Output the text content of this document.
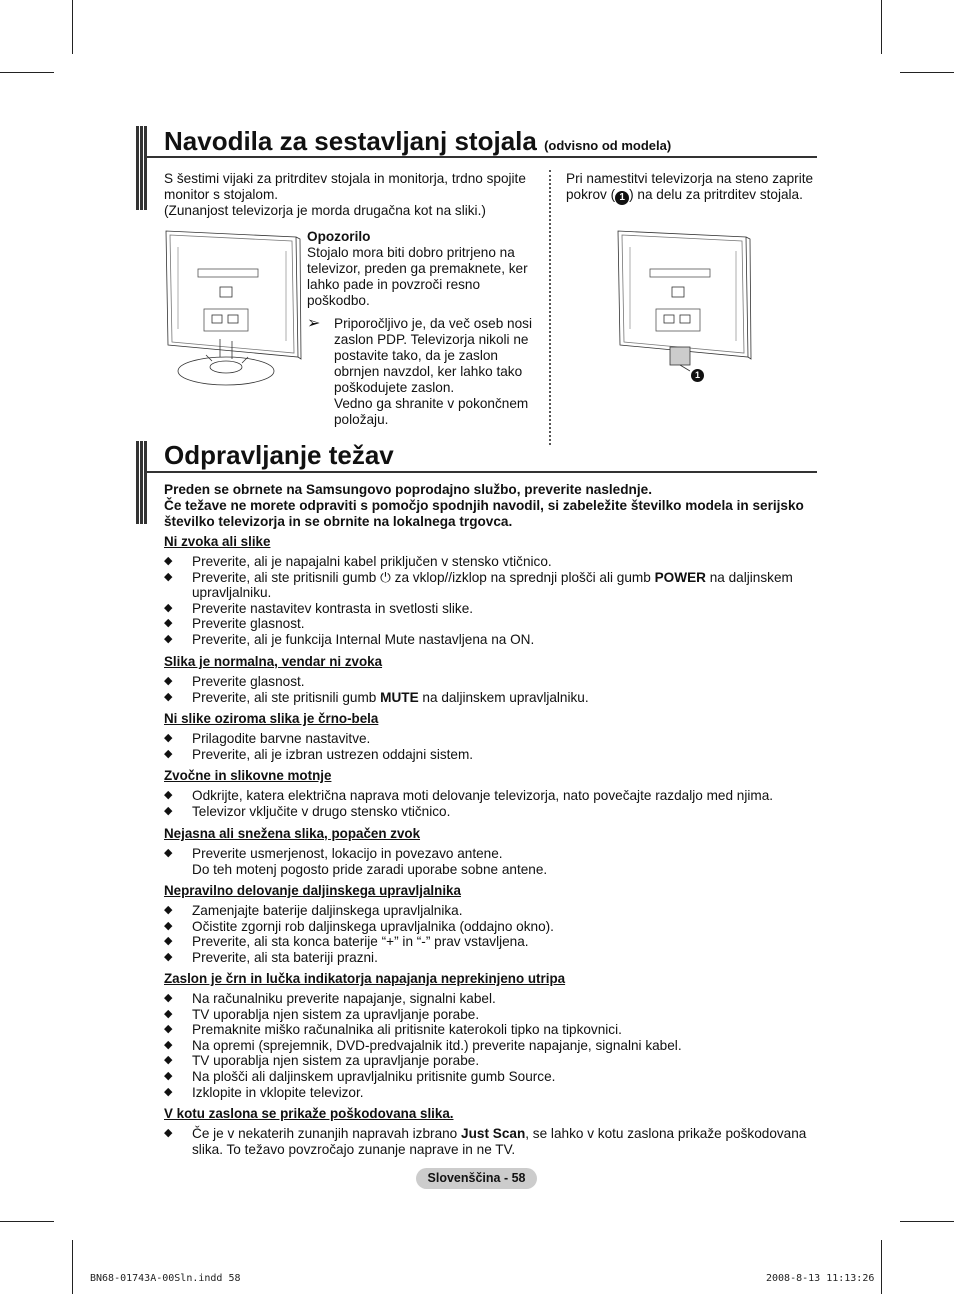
Navodila za sestavljanj stojala (odvisno od modela)

S šestimi vijaki za pritrditev stojala in monitorja, trdno spojite monitor s stojalom.

(Zunanjost televizorja je morda drugačna kot na sliki.)

Opozorilo

Stojalo mora biti dobro pritrjeno na televizor, preden ga premaknete, ker lahko pade in povzroči resno poškodbo.

➢ Priporočljivo je, da več oseb nosi zaslon PDP. Televizorja nikoli ne postavite tako, da je zaslon obrnjen navzdol, ker lahko tako poškodujete zaslon.

Vedno ga shranite v pokončnem položaju.

Pri namestitvi televizorja na steno zaprite pokrov ( 1 ) na delu za pritrditev stojala.
1
Odpravljanje težav

Preden se obrnete na Samsungovo poprodajno službo, preverite naslednje.

Če težave ne morete odpraviti s pomočjo spodnjih navodil, si zabeležite številko modela in serijsko številko televizorja in se obrnite na lokalnega trgovca.

Ni zvoka ali slike

◆ Preverite, ali je napajalni kabel priključen v stensko vtičnico.
◆ Preverite, ali ste pritisnili gumb ⏻ za vklop//izklop na sprednji plošči ali gumb POWER na daljinskem upravljalniku.
◆ Preverite nastavitev kontrasta in svetlosti slike.
◆ Preverite glasnost.
◆ Preverite, ali je funkcija Internal Mute nastavljena na ON.

Slika je normalna, vendar ni zvoka

◆ Preverite glasnost.
◆ Preverite, ali ste pritisnili gumb MUTE na daljinskem upravljalniku.

Ni slike oziroma slika je črno-bela

◆ Prilagodite barvne nastavitve.
◆ Preverite, ali je izbran ustrezen oddajni sistem.

Zvočne in slikovne motnje

◆ Odkrijte, katera električna naprava moti delovanje televizorja, nato povečajte razdaljo med njima.
◆ Televizor vključite v drugo stensko vtičnico.

Nejasna ali snežena slika, popačen zvok

◆ Preverite usmerjenost, lokacijo in povezavo antene.
Do teh motenj pogosto pride zaradi uporabe sobne antene.

Nepravilno delovanje daljinskega upravljalnika

◆ Zamenjajte baterije daljinskega upravljalnika.
◆ Očistite zgornji rob daljinskega upravljalnika (oddajno okno).
◆ Preverite, ali sta konca baterije “+” in “-” prav vstavljena.
◆ Preverite, ali sta bateriji prazni.

Zaslon je črn in lučka indikatorja napajanja neprekinjeno utripa

◆ Na računalniku preverite napajanje, signalni kabel.
◆ TV uporablja njen sistem za upravljanje porabe.
◆ Premaknite miško računalnika ali pritisnite katerokoli tipko na tipkovnici.
◆ Na opremi (sprejemnik, DVD-predvajalnik itd.) preverite napajanje, signalni kabel.
◆ TV uporablja njen sistem za upravljanje porabe.
◆ Na plošči ali daljinskem upravljalniku pritisnite gumb Source.
◆ Izklopite in vklopite televizor.

V kotu zaslona se prikaže poškodovana slika.

◆ Če je v nekaterih zunanjih napravah izbrano Just Scan, se lahko v kotu zaslona prikaže poškodovana slika. To težavo povzročajo zunanje naprave in ne TV.
Slovenščina - 58
BN68-01743A-00Sln.indd 58	2008-8-13 11:13:26
